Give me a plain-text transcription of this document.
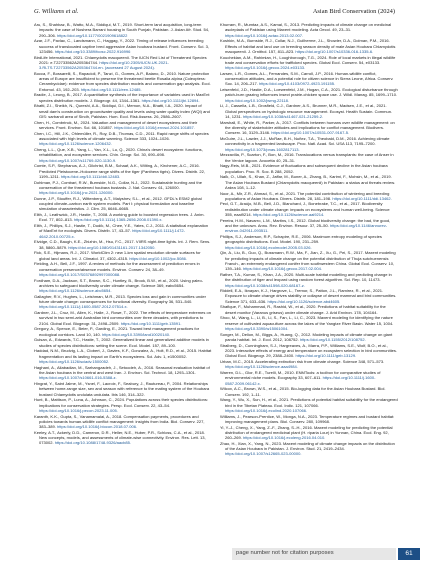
G. Williams et al.	Asian Bird Conservation (2024)

Aru, S., Shahbaz, B., Watto, M.A., Siddiqui, M.T., 2019. Short-term land acquisition, long-term impacts: the case of Noshera Barrani housing in South Punjab, Pakistan. J. Asian Afr. Stud. 54, 290–306. https://doi.org/10.1177/0021909618822

Azar, J.F., Pavlac, C., Landsmann, C., Haggag, Y., 2022. Timing of release influences breeding success of translocated captive bred aggressive Asian houbara bustard. Front. Conserv. Sci. 3, 123456. https://doi.org/10.3389/fcosc.2022.916996

BirdLife International, 2021. Chlamydotis macqueenii. The IUCN Red List of Threatened Species 2021: e.T22733562A205364744. https://doi.org/10.2305/IUCN.UK.2021-3.RLTS.T22733562A205364744.en. (accessed 27 August 2024).

Bocca, F., Bossarelli, S., Rapacioli, P., Tanzi, G., Gomes, A.P., Baiano, D., 2010. Nature protection areas of Europe are insufficient to preserve the threatened beetle Rosalia alpina (Coleoptera: Cerambycidae): evidence from species distribution models and conservation gap analysis. Ecol. Entomol. 43, 192–203. https://doi.org/10.1111/een.12485.

Bradie, J., Leung, B., 2017. A quantitative synthesis of the importance of variables used in MaxEnt species distribution models. J. Biogeogr. 44, 1344–1361. https://doi.org/10.1111/jbi.12894.

Bhatti, Z.I., Sheikh, N., Qureshi, A.A., Siddiqui, D.I., Memon, N.A., Bhatti, I.A., 2020. Impact of small dam's construction on groundwater quality and levels using water quality index (WQI) and GIS: sarbandi area of Sindh, Pakistan. Hum. Ecol. Risk Assess. 26, 2586–2607.

Chen, H., Combrinck, M., 2024. Valuation and management of desert ecosystems and their services. Front. Environ. Sci. 66, 101857. https://doi.org/10.1016/j.envsci.2024.101857.

Chen, I.C., Hill, J.K., Ohlemüller, R., Roy, D.B., Thomas, C.D., 2011. Rapid range shifts of species associated with high levels of climate warming. Science 333, 1024–1026. https://doi.org/10.1126/science.1206432.

Cheng, L.L., Que, X.B., Yang, L., Yan, X.L., Lu, Q., 2020. China's desert ecosystem: functions, rehabilitation, and ecosystem services. Chin. Geogr. Sci. 30, 690–698. https://doi.org/10.1007/s11769-020-1130-9.

Comte, S.P., Stephanus, A.J., Gilchrist, B.M., Schaaf, A.K., Wilting, A., Kirchener, A.C., 2016. Predicted Pleistocene–Holocene range shifts of the tiger (Panthera tigris). Divers. Distrib. 22, 1199–1211. https://doi.org/10.1111/ddi.12483.

Dohlman, P.J., Combari, R.W., Burnside, N.G., Collar, N.J., 2022. Sustainable hunting and the conservation of the threatened houbara bustards. J. Nat. Conserv. 61, 126000. https://doi.org/10.1016/j.jnc.2021.126000.

Dunne, J.P., Stouffer, R.J., Wittenberg, A.T., Malyshev, S.L., et al., 2012. GFDL's ESM2 global coupled climate–carbon earth system models. Part I: physical formulation and baseline simulation characteristics. J. Clim. 25, 6646–6665.

Elith, J., Leathwick, J.R., Hastie, T., 2008. A working guide to boosted regression trees. J. Anim. Ecol. 77, 802–813. https://doi.org/10.1111/j.1365-2656.2008.01390.x.

Elith, J., Phillips, S.J., Hastie, T., Dudík, M., Chee, Y.E., Yates, C.J., 2011. A statistical explanation of MaxEnt for ecologists. Divers. Distrib. 17, 43–57. https://doi.org/10.1111/j.1472-4642.2010.00725.x.

Elvidge, C.D., Baugh, K.E., Zhizhin, M., Hsu, F.C., 2017. VIIRS night-time lights. Int. J. Rem. Sens. 38, 5860–5879. https://doi.org/10.1080/01431161.2017.1342050.

Fick, S.E., Hijmans, R.J., 2017. WorldClim 2: new 1-km spatial resolution climate surfaces for global land areas. Int. J. Climatol. 37, 4302–4315. https://doi.org/10.1002/joc.5086.

Fielding, A.H., Bell, J.F., 1997. A review of methods for the assessment of prediction errors in conservation presence/absence models. Environ. Conserv. 24, 38–49. https://doi.org/10.1017/S0376892997000088.

Fordham, D.A., Jackson, S.T., Brown, S.C., Huntley, B., Brook, B.W., et al., 2020. Using paleo-archives to safeguard biodiversity under climate change. Science 369, eabc5654. https://doi.org/10.1126/science.abc5654.

Gallagher, R.V., Hughes, L., Leishman, M.R., 2013. Species loss and gain in communities under future climate change: consequences for functional diversity. Ecography 36, 531–540. https://doi.org/10.1111/j.1600-0587.2012.07514.x.

Gardner, J.L., Cruz, M., Allen, K., Haile, J., Rowe, T., 2022. The effects of temperature extremes on survival in two semi-arid Australian bird communities over three decades, with predictions to 2104. Global Ecol. Biogeogr. 31, 2498–2509. https://doi.org/10.1111/geb.13591.

Gregory, A., Spence, E., Beier, P., Garding, E., 2021. Toward best management practices for ecological corridors. Land 10, 140. https://doi.org/10.3390/land10020140.

Guisan, A., Edwards, T.C., Hastie, T., 2002. Generalized linear and generalized additive models in studies of species distributions: setting the scene. Ecol. Model. 157, 89–100.

Haddad, N.M., Brudvig, L.A., Clobert, J., Davies, K.F., Gonzalez, A., Holt, R.D., et al., 2015. Habitat fragmentation and its lasting impact on Earth's ecosystems. Sci. Adv. 1, e1500052. https://doi.org/10.1126/sciadv.1500052.

Haghani, A., Aliabadian, M., Sarhangzadeh, J., Setoodeh, A., 2016. Seasonal evaluation habitat of the Asian houbara in the central and west Iran. J. Environ. Sci. Technol. 18, 1293–1301. https://doi.org/10.1007/s10661-016-5388-z.

Hingrat, Y., Saint Jalme, M., Ysnel, F., Lacroix, F., Seabury, J., Rautureau, P., 2004. Relationships between home-range size, sex and season with reference to the mating system of the Houbara bustard Chlamydotis undulata undulata. Ibis 146, 314–322.

Hunt, B., Mattison, P., Luna, A., Johnson, C., 2024. Populations across their species distributions: implications for conservation strategies. Persp. Ecol. Conserv. 22, 43–54. https://doi.org/10.1016/j.pecon.2023.11.005.

Karanth, K.K., Gupta, S., Vanamamalai, A., 2018. Compensation payments, procedures and policies towards human-wildlife conflict management: insights from India. Biol. Conserv. 227, 383–389. https://doi.org/10.1016/j.biocon.2018.07.006.

Keeley, A.T., Ackerly, D.D., Cameron, D.R., Heller, N.E., Huber, P.R., Schloss, C.A., et al., 2018. New concepts, models, and assessments of climate-wise connectivity. Environ. Res. Lett. 13, 073002. https://doi.org/10.1088/1748-9326/aacb85.

Khurram, R., Mumtaz, A.S., Kamal, S., 2013. Predicting impacts of climate change on medicinal asclepiads of Pakistan using Maxent modeling. Acta Oecol. 49, 23–31. https://doi.org/10.1016/j.actao.2013.02.007.

Koshkin, M.A., Burnside, R.J., Collar, N.J., Guilherme, J.L., Showler, D.A., Dolman, P.M., 2016. Effects of habitat and land use on breeding season density of male Asian Houbara Chlamydotis macqueenii. J. Ornithol. 157, 811–823. https://doi.org/10.1007/s10336-016-1335-6.

Kouchekian, A.M., Rahimian, H., Loughborough, T.G., 2024. Role of local markets in illegal wildlife trade and conservation efforts for trafficked species. Global Ecol. Conserv. 54, e03133. https://doi.org/10.1016/j.gecco.2024.e03133.

Larsen, L.R., Gomes, A.L., Fernandes, S.M., Carroll, J.P., 2016. Human-wildlife conflict, conservation attitudes, and a potential role for citizen science in Sierra Leone, Africa. Conserv. Soc. 14, 206–217. https://doi.org/10.4103/0972-4923.191155.

Leisenfeld, J.D., Hastie, D.A., Loewenfeld, J.M., Hogan, C.A., 2021. Ecological disturbance through patch-burn grazing influences insect prairie-chicken space use. J. Wildl. Manag. 85, 1699–1710. https://doi.org/10.1002/jwmg.22118.

Li, J., Cassella, L.B., Grosfield, C.J., Gardner, A.S., Brunner, M.R., Madsen, J.E., et al., 2021. Global perspectives on hydrologic resource management. Ecosyst. Health Sustain. Commun. 14, 1231. https://doi.org/10.1038/s41467-021-21259-2.

Marshall, E., White, R., Parker, A., 2017. Conflicts between humans over wildlife management: on the diversity of stakeholder attitudes and implications for conflict management. Biodivers. Conserv. 16, 3129–3146. https://doi.org/10.1007/s10531-007-9167-5.

McGuire, J.L., Lawler, J.J., McRae, B.H., Nuñez, T.A., Theobald, D.M., 2016. Achieving climate connectivity in a fragmented landscape. Proc. Natl. Acad. Sci. USA 113, 7195–7200. https://doi.org/10.1073/pnas.1602817113.

Mezzavilla, P., Scarton, F., Bon, M., 2016. Translocations versus transplants: the case of Anser in the Venice lagoon. Avocetta 40, 25–31.

Nagy-Reis, M.B., 2021. Evidence of fluctuations and subsequent decline in the Asian houbara population. Proc. R. Soc. B 288, 2052.

Naïk, O., Ullah, S., Khan, Z., Jaffar, M., Buner, A., Zhang, B., Karimi, F., Mohsin, M., et al., 2019. The Asian Houbara Bustard (Chlamydotis macqueenii) in Pakistan: a status and threats review. Ardea 108, 1–12.

Noor, A., Mir, Z.R., Ahmad, S., et al., 2021. The potential contribution of wintering and breeding populations of Asian Houbara. Divers. Distrib. 28, 181–198. https://doi.org/10.1111/ddi.13462.

Pecl, G.T., Araújo, M.B., Bell, J.D., Blanchard, J., Bonebrake, T.C., et al., 2017. Biodiversity redistribution under climate change: impacts on ecosystems and human well-being. Science 355, eaai9214. https://doi.org/10.1126/science.aai9214.

Pereira, H.M., Navarro, L.M., Martins, I.S., 2012. Global biodiversity change: the bad, the good, and the unknown. Annu. Rev. Environ. Resour. 37, 25–50. https://doi.org/10.1146/annurev-environ-042911-093511.

Phillips, S.J., Anderson, R.P., Schapire, R.E., 2006. Maximum entropy modeling of species geographic distributions. Ecol. Model. 190, 231–259. https://doi.org/10.1016/j.ecolmodel.2005.03.026.

Qin, A., Liu, B., Guo, Q., Bussmann, R.W., Ma, F., Jian, Z., Xu, G., Pei, S., 2017. Maxent modeling for predicting impacts of climate change on the potential distribution of Thuja sutchuenensis Franch., an extremely endangered conifer from southwestern China. Global Ecol. Conserv. 10, 139–146. https://doi.org/10.1016/j.gecco.2017.02.004.

Rather, T.A., Kumar, S., Khan, J.A., 2020. Multi-scale habitat modelling and predicting change in the distribution of tiger and leopard using random forest algorithm. Sci. Rep. 10, 11473. https://doi.org/10.1038/s41598-020-68167-z.

Riddell, E.A., Iknayan, K.J., Hargrove, L., Tremor, S., Patton, J.L., Ramirez, R., et al., 2021. Exposure to climate change drives stability or collapse of desert mammal and bird communities. Science 371, 633–636. https://doi.org/10.1126/science.abd4605.

Shafique, F., Muhammad, R., Rashid, W., et al., 2020. Predictions of habitat suitability for the desert monitor (Varanus griseus) under climate change. J. Arid Environ. 178, 104164.

Shoo, M., Wang, L., Li, B., Li, S., Fan, L., Li, C., 2023. Maxent modeling for identifying the nature reserve of cultivated aquaculture across the lakes of the Yangtze River Basin. Water 15, 1004. https://doi.org/10.3390/w15061004.

Songer, M., Delion, M., Biggs, A., Huang, Q., 2012. Modeling impacts of climate change on giant panda habitat. Int. J. Ecol. 2012, 108752. https://doi.org/10.1155/2012/108752.

Stralberg, D., Cunningham, S.J., Hargreaves, A., Marra, P.P., Williams, S.E., Wolf, B.O., et al., 2023. Interactive effects of energy and temperature on ecosystem selection in bird communities. Global Ecol. Biogeogr. 29, 2388–2400. https://doi.org/10.1111/geb.13129.

Urban, M.C., 2015. Accelerating extinction risk from climate change. Science 348, 571–573. https://doi.org/10.1126/science.aaa4984.

Warren, D.L., Glor, R.E., Turelli, M., 2010. ENMTools: a toolbox for comparative studies of environmental niche models. Ecography 33, 607–611. https://doi.org/10.1111/j.1600-0587.2009.06142.x.

Wilcox, A.C., Brown, W.S., et al., 2015. Bio-logging data for the Asian Houbara Bustard. Biol. Conserv. 192, 1–11.

Wang, Y., Wu, X., Sun, H., et al., 2021. Predictions of potential habitat suitability for the endangered bird in the Tibetan Plateau. Ecol. Indic. 121, 107066. https://doi.org/10.1016/j.ecolind.2020.107066.

Williams, J., Pearson-Prentice, W., Monga, N.A., 2023. Temperature regimes and bustard habitat: improving management plans. Biol. Conserv. 280, 109968.

Yi, Y.-J., Cheng, X., Yang, Z.-F., Zhang, S.-H., 2016. Maxent modeling for predicting the potential distribution of endangered medicinal plant (H. riparia Lour) in Yunnan, China. Ecol. Eng. 92, 260–269. https://doi.org/10.1016/j.ecoleng.2016.04.010.

Zhao, H., Xian, X., Yang, N., 2023. Maxent modeling of climate change impacts on the distribution of the Asian Houbara in Pakistan. J. Environ. Stud. 21, 2419–2434. https://doi.org/10.1007/s12665-023-00000.

page number not for citation purposes	61
